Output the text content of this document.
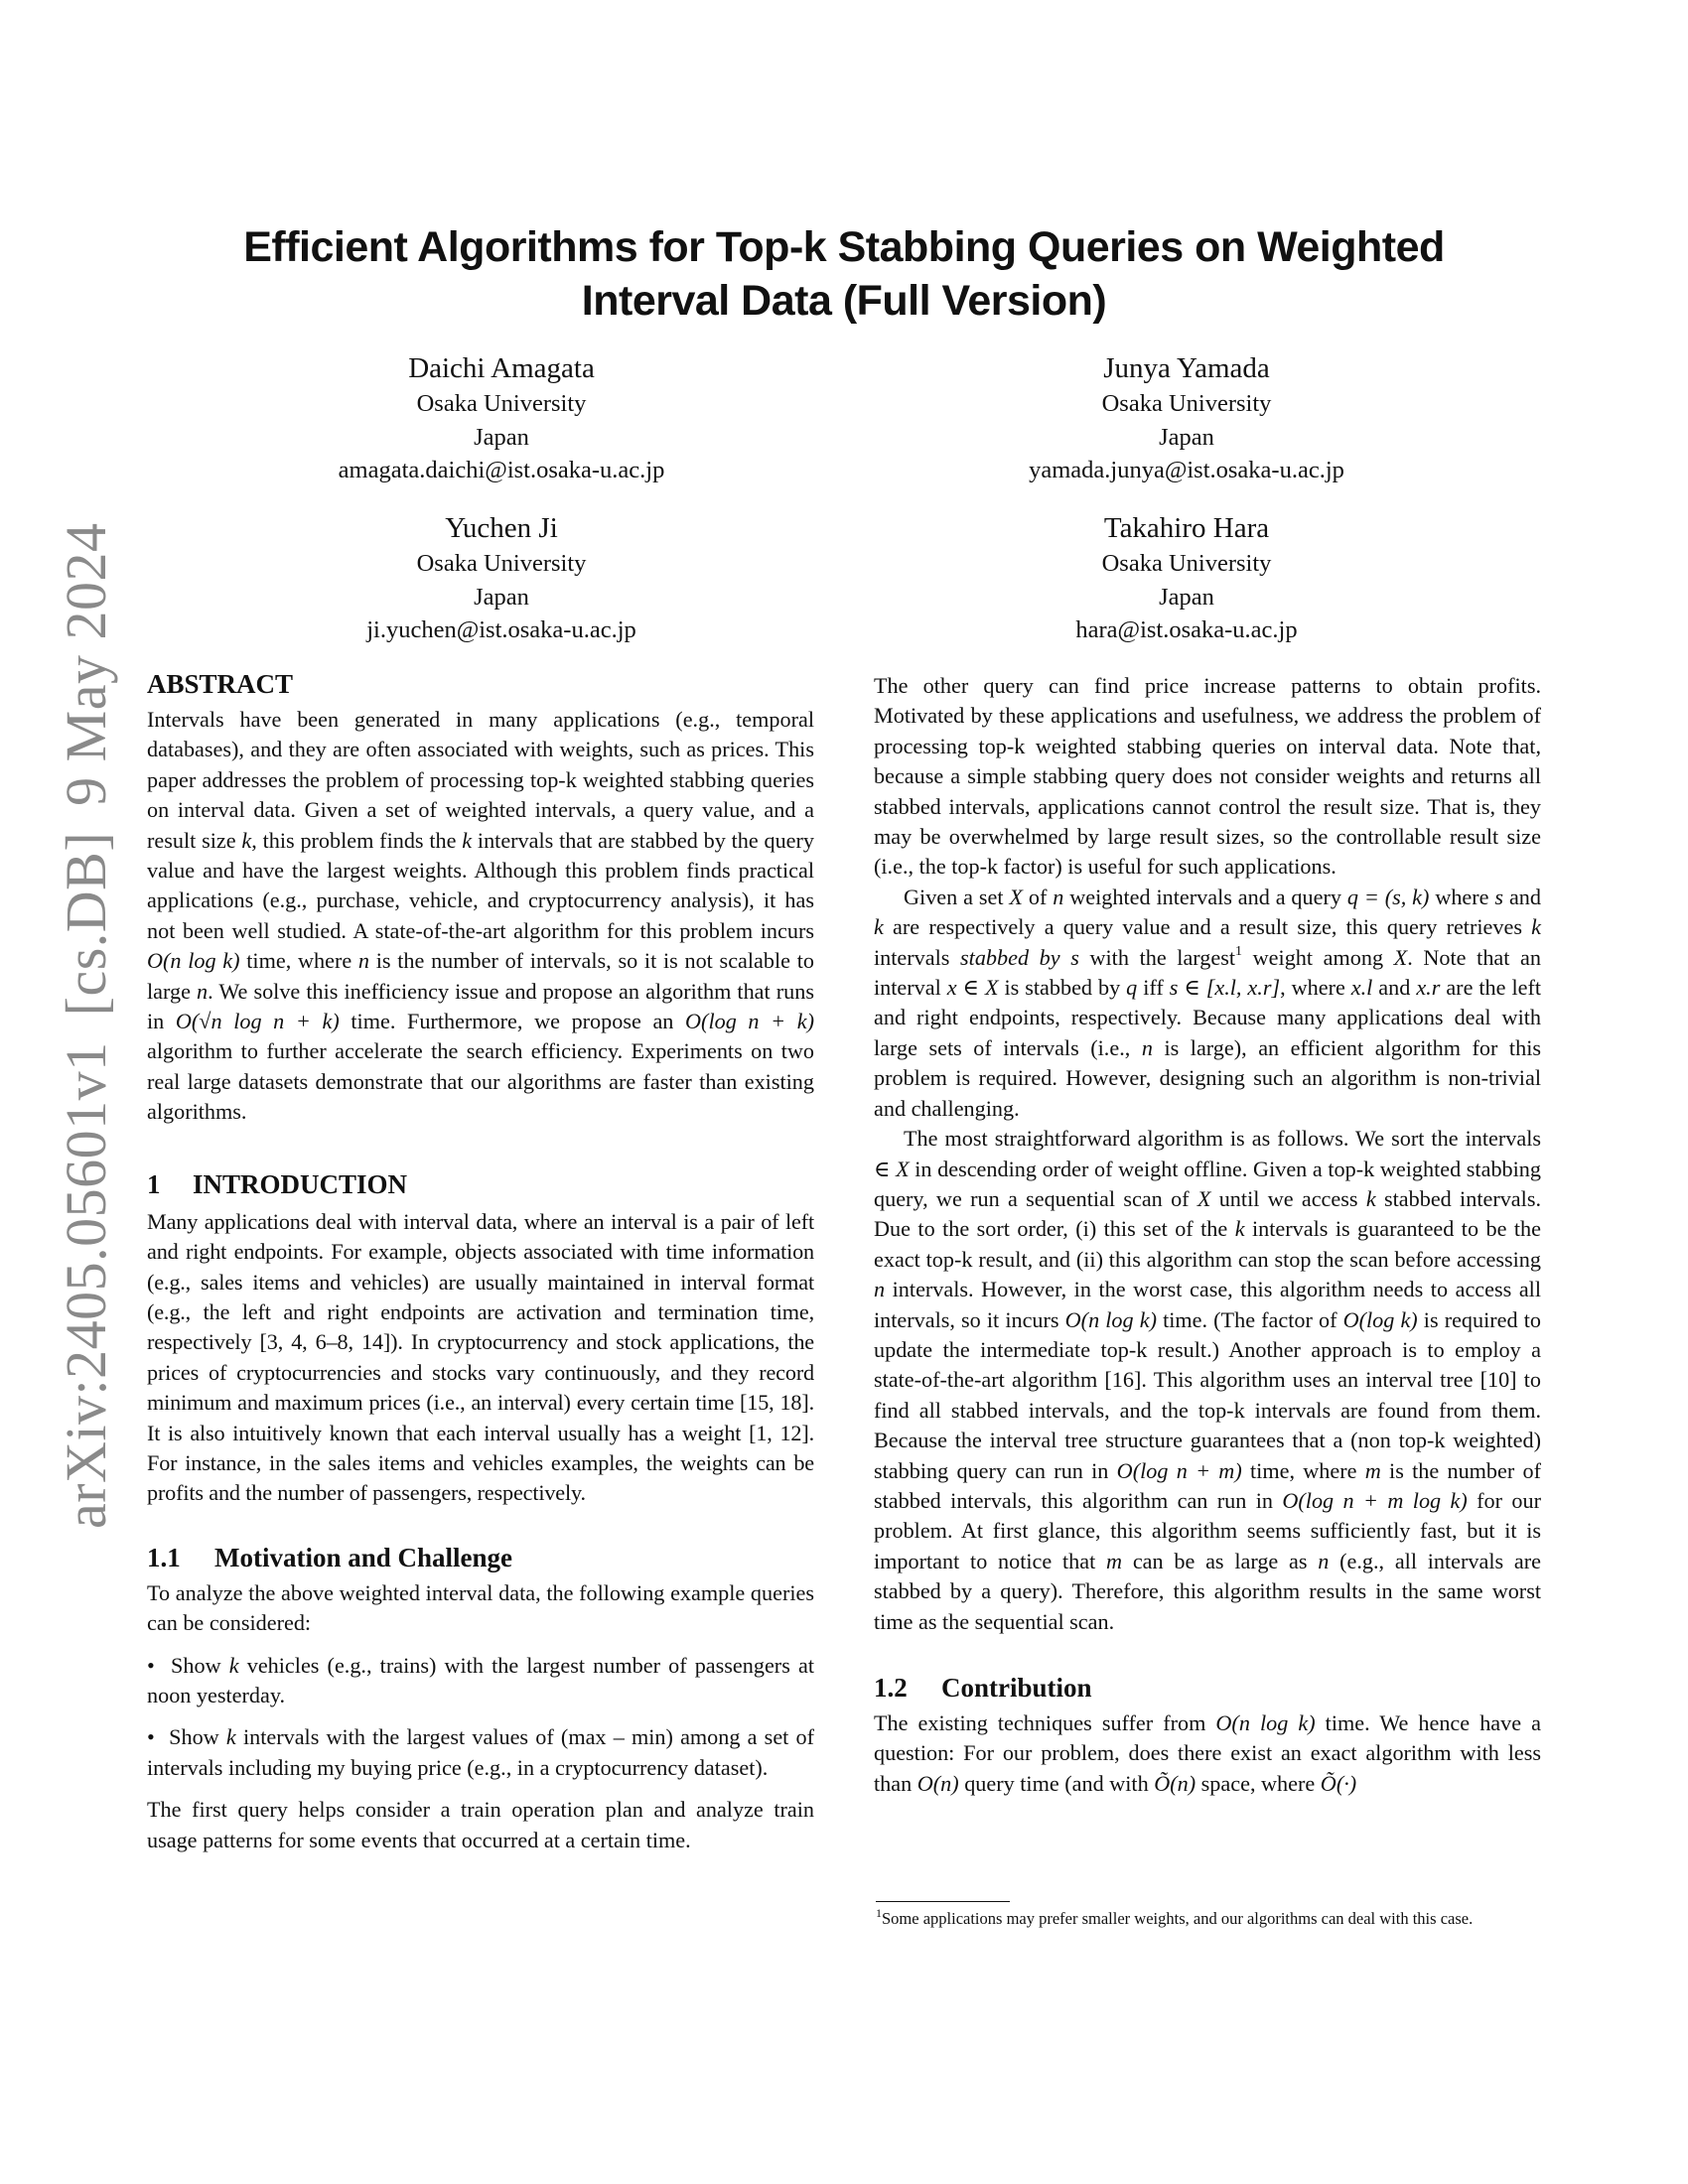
arXiv:2405.05601v1[cs.DB]9 May 2024
Efficient Algorithms for Top-k Stabbing Queries on Weighted
Interval Data (Full Version)
Daichi Amagata
Osaka University
Japan
amagata.daichi@ist.osaka-u.ac.jp
Junya Yamada
Osaka University
Japan
yamada.junya@ist.osaka-u.ac.jp
Yuchen Ji
Osaka University
Japan
ji.yuchen@ist.osaka-u.ac.jp
Takahiro Hara
Osaka University
Japan
hara@ist.osaka-u.ac.jp
ABSTRACT

Intervals have been generated in many applications (e.g., temporal databases), and they are often associated with weights, such as prices. This paper addresses the problem of processing top-k weighted stabbing queries on interval data. Given a set of weighted intervals, a query value, and a result size k, this problem finds the k intervals that are stabbed by the query value and have the largest weights. Although this problem finds practical applications (e.g., purchase, vehicle, and cryptocurrency analysis), it has not been well studied. A state-of-the-art algorithm for this problem incurs O(n log k) time, where n is the number of intervals, so it is not scalable to large n. We solve this inefficiency issue and propose an algorithm that runs in O(√n log n + k) time. Furthermore, we propose an O(log n + k) algorithm to further accelerate the search efficiency. Experiments on two real large datasets demonstrate that our algorithms are faster than existing algorithms.

1 INTRODUCTION

Many applications deal with interval data, where an interval is a pair of left and right endpoints. For example, objects associated with time information (e.g., sales items and vehicles) are usually maintained in interval format (e.g., the left and right endpoints are activation and termination time, respectively [3, 4, 6–8, 14]). In cryptocurrency and stock applications, the prices of cryptocurrencies and stocks vary continuously, and they record minimum and maximum prices (i.e., an interval) every certain time [15, 18]. It is also intuitively known that each interval usually has a weight [1, 12]. For instance, in the sales items and vehicles examples, the weights can be profits and the number of passengers, respectively.

1.1 Motivation and Challenge

To analyze the above weighted interval data, the following example queries can be considered:

•  Show k vehicles (e.g., trains) with the largest number of passengers at noon yesterday.

•  Show k intervals with the largest values of (max – min) among a set of intervals including my buying price (e.g., in a cryptocurrency dataset).

The first query helps consider a train operation plan and analyze train usage patterns for some events that occurred at a certain time.

The other query can find price increase patterns to obtain profits. Motivated by these applications and usefulness, we address the problem of processing top-k weighted stabbing queries on interval data. Note that, because a simple stabbing query does not consider weights and returns all stabbed intervals, applications cannot control the result size. That is, they may be overwhelmed by large result sizes, so the controllable result size (i.e., the top-k factor) is useful for such applications.

Given a set X of n weighted intervals and a query q = (s, k) where s and k are respectively a query value and a result size, this query retrieves k intervals stabbed by s with the largest$^1$ weight among X. Note that an interval x ∈ X is stabbed by q iff s ∈ [x.l, x.r], where x.l and x.r are the left and right endpoints, respectively. Because many applications deal with large sets of intervals (i.e., n is large), an efficient algorithm for this problem is required. However, designing such an algorithm is non-trivial and challenging.

The most straightforward algorithm is as follows. We sort the intervals ∈ X in descending order of weight offline. Given a top-k weighted stabbing query, we run a sequential scan of X until we access k stabbed intervals. Due to the sort order, (i) this set of the k intervals is guaranteed to be the exact top-k result, and (ii) this algorithm can stop the scan before accessing n intervals. However, in the worst case, this algorithm needs to access all intervals, so it incurs O(n log k) time. (The factor of O(log k) is required to update the intermediate top-k result.) Another approach is to employ a state-of-the-art algorithm [16]. This algorithm uses an interval tree [10] to find all stabbed intervals, and the top-k intervals are found from them. Because the interval tree structure guarantees that a (non top-k weighted) stabbing query can run in O(log n + m) time, where m is the number of stabbed intervals, this algorithm can run in O(log n + m log k) for our problem. At first glance, this algorithm seems sufficiently fast, but it is important to notice that m can be as large as n (e.g., all intervals are stabbed by a query). Therefore, this algorithm results in the same worst time as the sequential scan.

1.2 Contribution

The existing techniques suffer from O(n log k) time. We hence have a question: For our problem, does there exist an exact algorithm with less than O(n) query time (and with Õ(n) space, where Õ(·)

$^1$Some applications may prefer smaller weights, and our algorithms can deal with this case.
